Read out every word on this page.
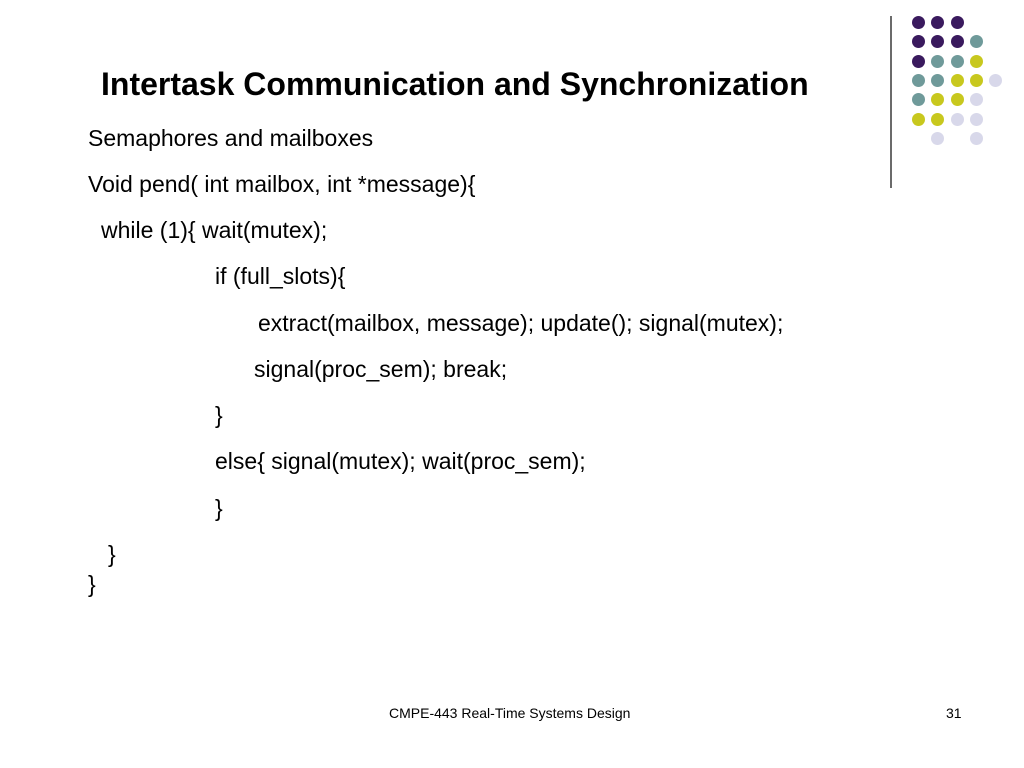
Intertask Communication and Synchronization
Semaphores and mailboxes
Void pend( int mailbox, int *message){
while (1){ wait(mutex);
if (full_slots){
extract(mailbox, message); update(); signal(mutex);
signal(proc_sem); break;
}
else{ signal(mutex); wait(proc_sem);
}
}
}
CMPE-443 Real-Time Systems Design	31
